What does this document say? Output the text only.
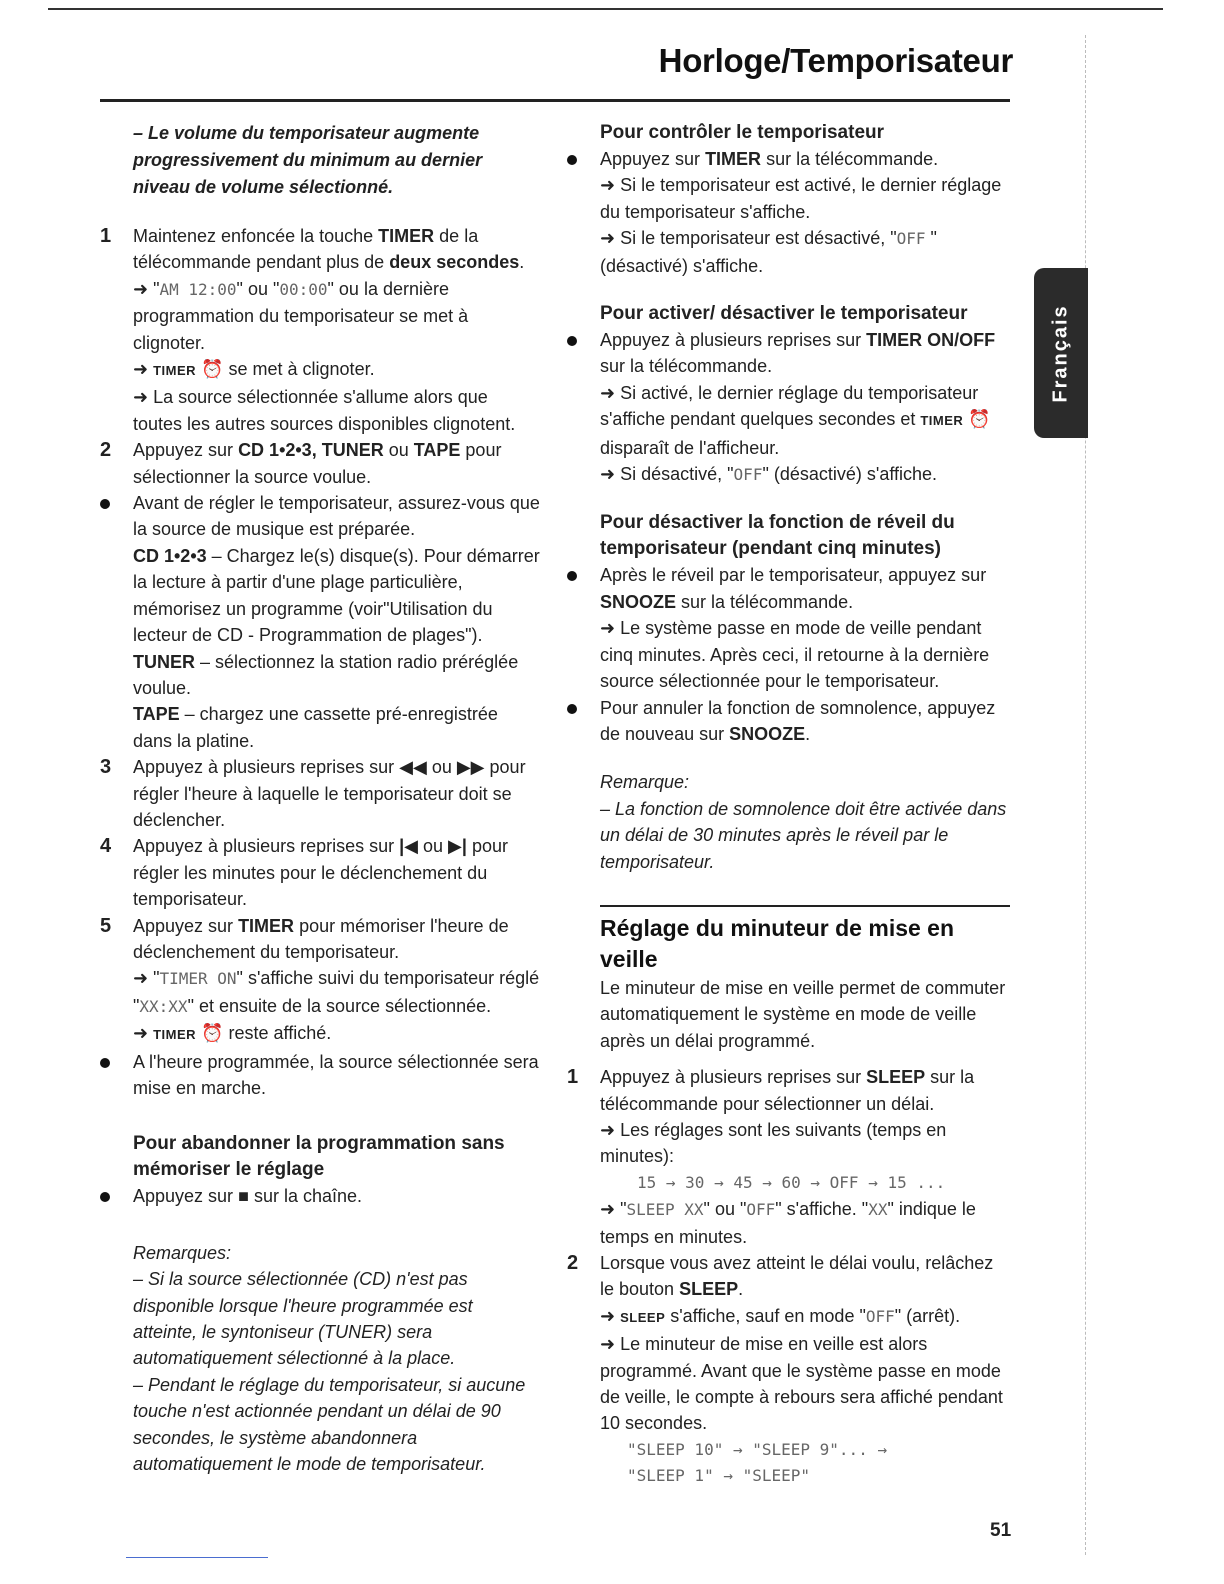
Horloge/Temporisateur
Français

– Le volume du temporisateur augmente progressivement du minimum au dernier niveau de volume sélectionné.

1 Maintenez enfoncée la touche TIMER de la télécommande pendant plus de deux secondes.

➜ "AM 12:00" ou "00:00" ou la dernière programmation du temporisateur se met à clignoter.

➜ TIMER ⏰ se met à clignoter.

➜ La source sélectionnée s'allume alors que toutes les autres sources disponibles clignotent.

2 Appuyez sur CD 1•2•3, TUNER ou TAPE pour sélectionner la source voulue.
Avant de régler le temporisateur, assurez-vous que la source de musique est préparée.

CD 1•2•3 – Chargez le(s) disque(s). Pour démarrer la lecture à partir d'une plage particulière, mémorisez un programme (voir"Utilisation du lecteur de CD - Programmation de plages").

TUNER – sélectionnez la station radio préréglée voulue.

TAPE – chargez une cassette pré-enregistrée dans la platine.

3 Appuyez à plusieurs reprises sur ◀◀ ou ▶▶ pour régler l'heure à laquelle le temporisateur doit se déclencher.
4 Appuyez à plusieurs reprises sur |◀ ou ▶| pour régler les minutes pour le déclenchement du temporisateur.
5 Appuyez sur TIMER pour mémoriser l'heure de déclenchement du temporisateur.

➜ "TIMER ON" s'affiche suivi du temporisateur réglé "XX:XX" et ensuite de la source sélectionnée.

➜ TIMER ⏰ reste affiché.

A l'heure programmée, la source sélectionnée sera mise en marche.

Pour abandonner la programmation sans mémoriser le réglage

Appuyez sur ■ sur la chaîne.

Remarques:

– Si la source sélectionnée (CD) n'est pas disponible lorsque l'heure programmée est atteinte, le syntoniseur (TUNER) sera automatiquement sélectionné à la place.

– Pendant le réglage du temporisateur, si aucune touche n'est actionnée pendant un délai de 90 secondes, le système abandonnera automatiquement le mode de temporisateur.

Pour contrôler le temporisateur

Appuyez sur TIMER sur la télécommande.

➜ Si le temporisateur est activé, le dernier réglage du temporisateur s'affiche.

➜ Si le temporisateur est désactivé, "OFF " (désactivé) s'affiche.

Pour activer/ désactiver le temporisateur

Appuyez à plusieurs reprises sur TIMER ON/OFF sur la télécommande.

➜ Si activé, le dernier réglage du temporisateur s'affiche pendant quelques secondes et TIMER ⏰ disparaît de l'afficheur.

➜ Si désactivé, "OFF" (désactivé) s'affiche.

Pour désactiver la fonction de réveil du temporisateur (pendant cinq minutes)

Après le réveil par le temporisateur, appuyez sur SNOOZE sur la télécommande.

➜ Le système passe en mode de veille pendant cinq minutes. Après ceci, il retourne à la dernière source sélectionnée pour le temporisateur.

Pour annuler la fonction de somnolence, appuyez de nouveau sur SNOOZE.

Remarque:

– La fonction de somnolence doit être activée dans un délai de 30 minutes après le réveil par le temporisateur.

Réglage du minuteur de mise en veille

Le minuteur de mise en veille permet de commuter automatiquement le système en mode de veille après un délai programmé.

1 Appuyez à plusieurs reprises sur SLEEP sur la télécommande pour sélectionner un délai.

➜ Les réglages sont les suivants (temps en minutes):

15 → 30 → 45 → 60 → OFF → 15 ...

➜ "SLEEP XX" ou "OFF" s'affiche. "XX" indique le temps en minutes.

2 Lorsque vous avez atteint le délai voulu, relâchez le bouton SLEEP.

➜ SLEEP s'affiche, sauf en mode "OFF" (arrêt).

➜ Le minuteur de mise en veille est alors programmé. Avant que le système passe en mode de veille, le compte à rebours sera affiché pendant 10 secondes.

"SLEEP 10" → "SLEEP 9"... →

"SLEEP 1" → "SLEEP"

51
